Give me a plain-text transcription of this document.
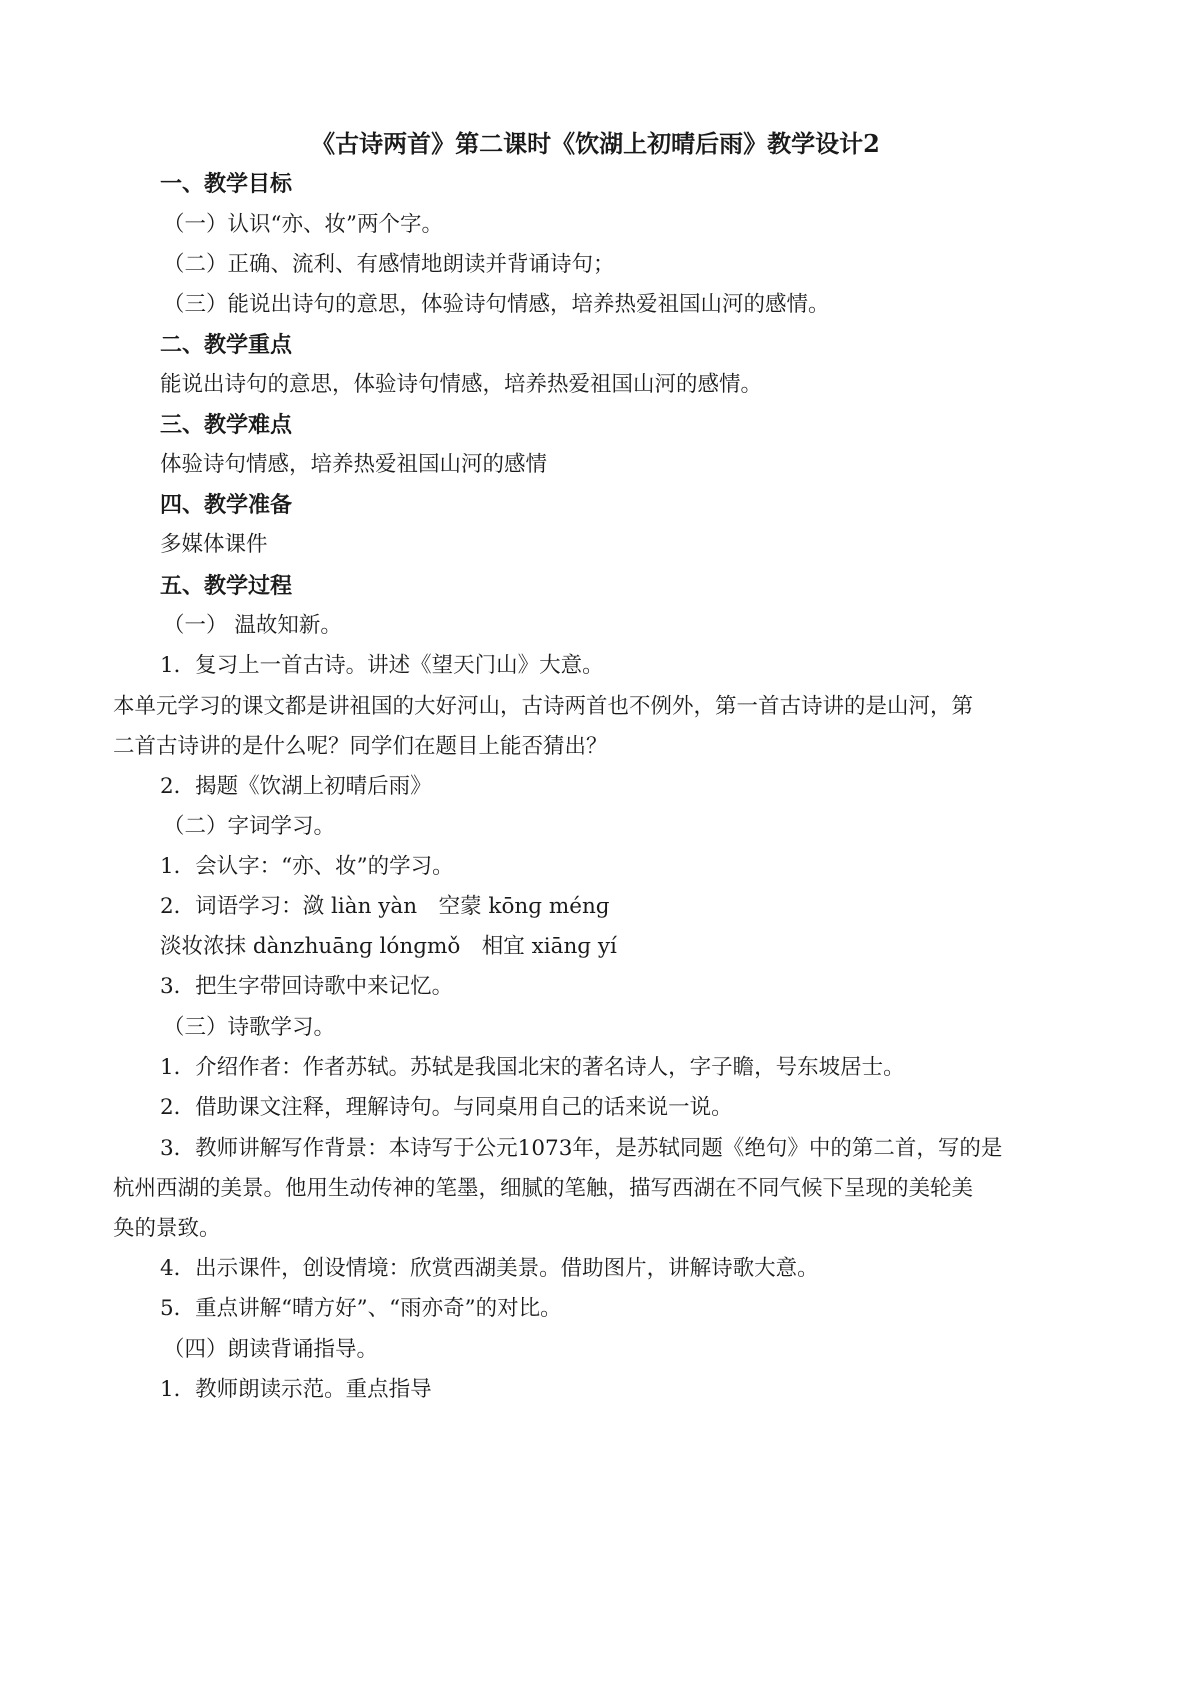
《古诗两首》第二课时《饮湖上初晴后雨》教学设计2
一、教学目标
（一）认识“亦、妆”两个字。
（二）正确、流利、有感情地朗读并背诵诗句；
（三）能说出诗句的意思，体验诗句情感，培养热爱祖国山河的感情。
二、教学重点
能说出诗句的意思，体验诗句情感，培养热爱祖国山河的感情。
三、教学难点
体验诗句情感，培养热爱祖国山河的感情
四、教学准备
多媒体课件
五、教学过程
（一） 温故知新。
1．复习上一首古诗。讲述《望天门山》大意。
本单元学习的课文都是讲祖国的大好河山，古诗两首也不例外，第一首古诗讲的是山河，第
二首古诗讲的是什么呢？同学们在题目上能否猜出？
2．揭题《饮湖上初晴后雨》
（二）字词学习。
1．会认字：“亦、妆”的学习。
2．词语学习：潋 liàn yàn　空蒙 kōnɡ ménɡ
淡妆浓抹 dànzhuānɡ lónɡmǒ　相宜 xiānɡ yí
3．把生字带回诗歌中来记忆。
（三）诗歌学习。
1．介绍作者：作者苏轼。苏轼是我国北宋的著名诗人，字子瞻，号东坡居士。
2．借助课文注释，理解诗句。与同桌用自己的话来说一说。
3．教师讲解写作背景：本诗写于公元1073年，是苏轼同题《绝句》中的第二首，写的是
杭州西湖的美景。他用生动传神的笔墨，细腻的笔触，描写西湖在不同气候下呈现的美轮美
奂的景致。
4．出示课件，创设情境：欣赏西湖美景。借助图片，讲解诗歌大意。
5．重点讲解“晴方好”、“雨亦奇”的对比。
（四）朗读背诵指导。
1．教师朗读示范。重点指导
